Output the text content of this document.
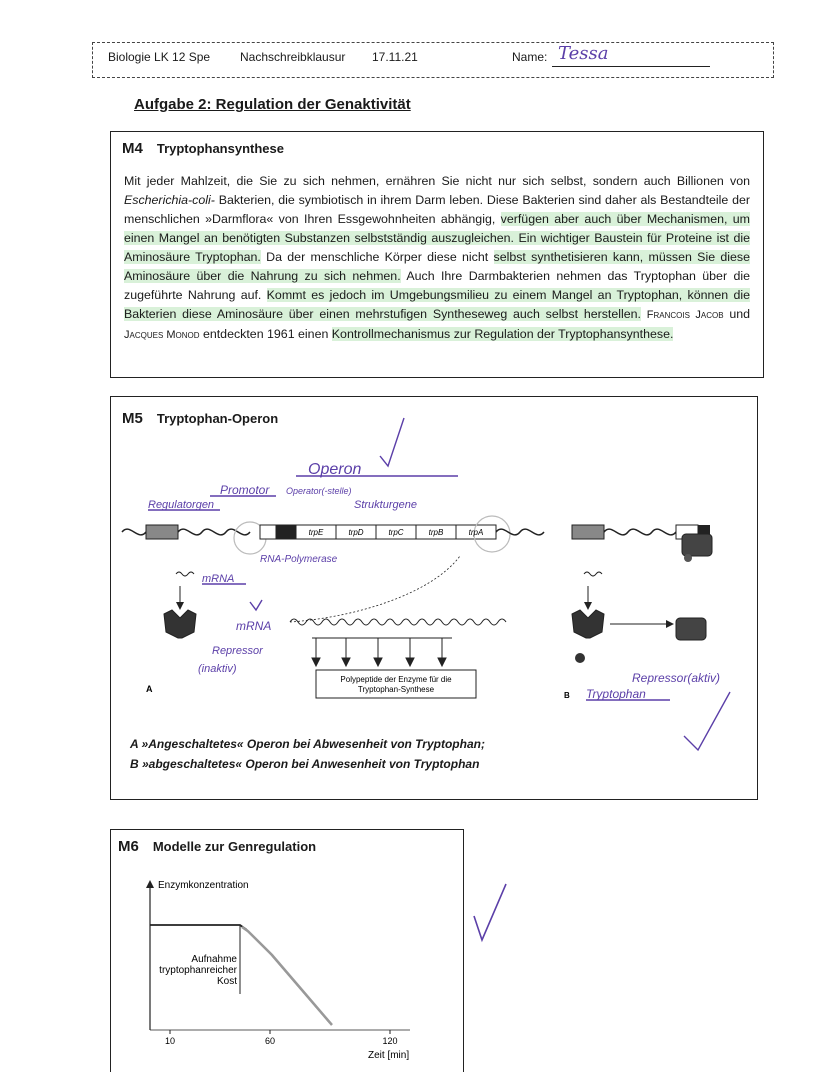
Biologie LK 12 Spe Nachschreibklausur 17.11.21	Name: Tessa
Aufgabe 2: Regulation der Genaktivität
M4 Tryptophansynthese

Mit jeder Mahlzeit, die Sie zu sich nehmen, ernähren Sie nicht nur sich selbst, sondern auch Billionen von Escherichia-coli- Bakterien, die symbiotisch in ihrem Darm leben. Diese Bakterien sind daher als Bestandteile der menschlichen »Darmflora« von Ihren Essgewohnheiten abhängig, verfügen aber auch über Mechanismen, um einen Mangel an benötigten Substanzen selbstständig auszugleichen. Ein wichtiger Baustein für Proteine ist die Aminosäure Tryptophan. Da der menschliche Körper diese nicht selbst synthetisieren kann, müssen Sie diese Aminosäure über die Nahrung zu sich nehmen. Auch Ihre Darmbakterien nehmen das Tryptophan über die zugeführte Nahrung auf. Kommt es jedoch im Umgebungsmilieu zu einem Mangel an Tryptophan, können die Bakterien diese Aminosäure über einen mehrstufigen Syntheseweg auch selbst herstellen. Francois Jacob und Jacques Monod entdeckten 1961 einen Kontrollmechanismus zur Regulation der Tryptophansynthese.

M5 Tryptophan-Operon
trpE	trpD	trpC	trpB	trpA
Polypeptide der Enzyme für die
Tryptophan-Synthese
A
B
Operon
Promotor Operator(-stelle)
Regulatorgen	Strukturgene
RNA-Polymerase
mRNA
mRNA
Repressor
(inaktiv)
Repressor(aktiv)
Tryptophan
A »Angeschaltetes« Operon bei Abwesenheit von Tryptophan;
B »abgeschaltetes« Operon bei Anwesenheit von Tryptophan
M6 Modelle zur Genregulation
Enzymkonzentration
Zeit [min]
10	60	120
Aufnahme
tryptophanreicher
Kost
